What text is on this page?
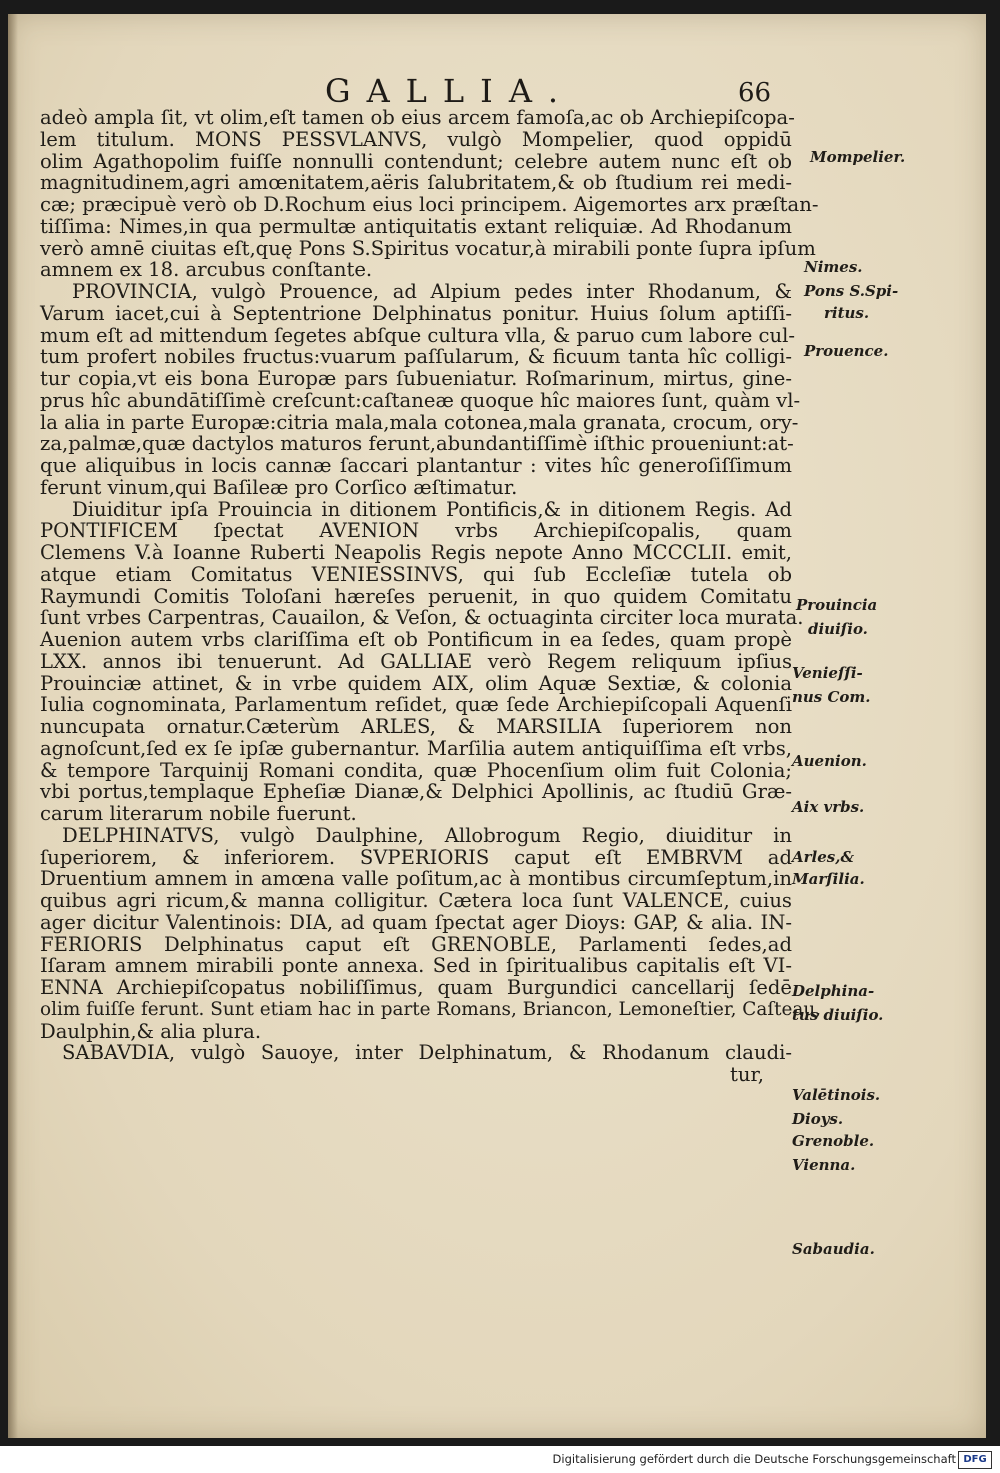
GALLIA.	66
adeò ampla ſit, vt olim,eſt tamen ob eius arcem famoſa,ac ob Archiepiſcopa-
lem titulum. MONS PESSVLANVS, vulgò Mompelier, quod oppidū
olim Agathopolim fuiſſe nonnulli contendunt; celebre autem nunc eſt ob
magnitudinem,agri amœnitatem,aëris ſalubritatem,& ob ſtudium rei medi-
cæ; præcipuè verò ob D.Rochum eius loci principem. Aigemortes arx præſtan-
tiſſima: Nimes,in qua permultæ antiquitatis extant reliquiæ. Ad Rhodanum
verò amnē ciuitas eſt,quę Pons S.Spiritus vocatur,à mirabili ponte ſupra ipſum
amnem ex 18. arcubus conſtante.
PROVINCIA, vulgò Prouence, ad Alpium pedes inter Rhodanum, &
Varum iacet,cui à Septentrione Delphinatus ponitur. Huius ſolum aptiſſi-
mum eſt ad mittendum ſegetes abſque cultura vlla, & paruo cum labore cul-
tum profert nobiles fructus:vuarum paſſularum, & ficuum tanta hîc colligi-
tur copia,vt eis bona Europæ pars ſubueniatur. Roſmarinum, mirtus, gine-
prus hîc abundātiſſimè creſcunt:caſtaneæ quoque hîc maiores ſunt, quàm vl-
la alia in parte Europæ:citria mala,mala cotonea,mala granata, crocum, ory-
za,palmæ,quæ dactylos maturos ferunt,abundantiſſimè iſthic proueniunt:at-
que aliquibus in locis cannæ ſaccari plantantur : vites hîc generoſiſſimum
ferunt vinum,qui Baſileæ pro Corſico æſtimatur.
Diuiditur ipſa Prouincia in ditionem Pontificis,& in ditionem Regis. Ad
PONTIFICEM ſpectat AVENION vrbs Archiepiſcopalis, quam
Clemens V.à Ioanne Ruberti Neapolis Regis nepote Anno MCCCLII. emit,
atque etiam Comitatus VENIESSINVS, qui ſub Eccleſiæ tutela ob
Raymundi Comitis Toloſani hæreſes peruenit, in quo quidem Comitatu
ſunt vrbes Carpentras, Cauailon, & Veſon, & octuaginta circiter loca murata.
Auenion autem vrbs clariſſima eſt ob Pontificum in ea ſedes, quam propè
LXX. annos ibi tenuerunt. Ad GALLIAE verò Regem reliquum ipſius
Prouinciæ attinet, & in vrbe quidem AIX, olim Aquæ Sextiæ, & colonia
Iulia cognominata, Parlamentum reſidet, quæ ſede Archiepiſcopali Aquenſi
nuncupata ornatur.Cæterùm ARLES, & MARSILIA ſuperiorem non
agnoſcunt,ſed ex ſe ipſæ gubernantur. Marſilia autem antiquiſſima eſt vrbs,
& tempore Tarquinij Romani condita, quæ Phocenſium olim fuit Colonia;
vbi portus,templaque Epheſiæ Dianæ,& Delphici Apollinis, ac ſtudiū Græ-
carum literarum nobile fuerunt.
DELPHINATVS, vulgò Daulphine, Allobrogum Regio, diuiditur in
ſuperiorem, & inferiorem. SVPERIORIS caput eſt EMBRVM ad
Druentium amnem in amœna valle poſitum,ac à montibus circumſeptum,in
quibus agri ricum,& manna colligitur. Cætera loca ſunt VALENCE, cuius
ager dicitur Valentinois: DIA, ad quam ſpectat ager Dioys: GAP, & alia. IN-
FERIORIS Delphinatus caput eſt GRENOBLE, Parlamenti ſedes,ad
Iſaram amnem mirabili ponte annexa. Sed in ſpiritualibus capitalis eſt VI-
ENNA Archiepiſcopatus nobiliſſimus, quam Burgundici cancellarij ſedē
olim fuiſſe ferunt. Sunt etiam hac in parte Romans, Briancon, Lemoneſtier, Caſteau,
Daulphin,& alia plura.
SABAVDIA, vulgò Sauoye, inter Delphinatum, & Rhodanum claudi-
tur,
Mompelier.
Nimes.
Pons S.Spi-
ritus.
Prouence.
Prouincia
diuiſio.
Venieſſi-
nus Com.
Auenion.
Aix vrbs.
Arles,&
Marſilia.
Delphina-
tus diuiſio.
Valētinois.
Dioys.
Grenoble.
Vienna.
Sabaudia.
Digitalisierung gefördert durch die Deutsche Forschungsgemeinschaft DFG
